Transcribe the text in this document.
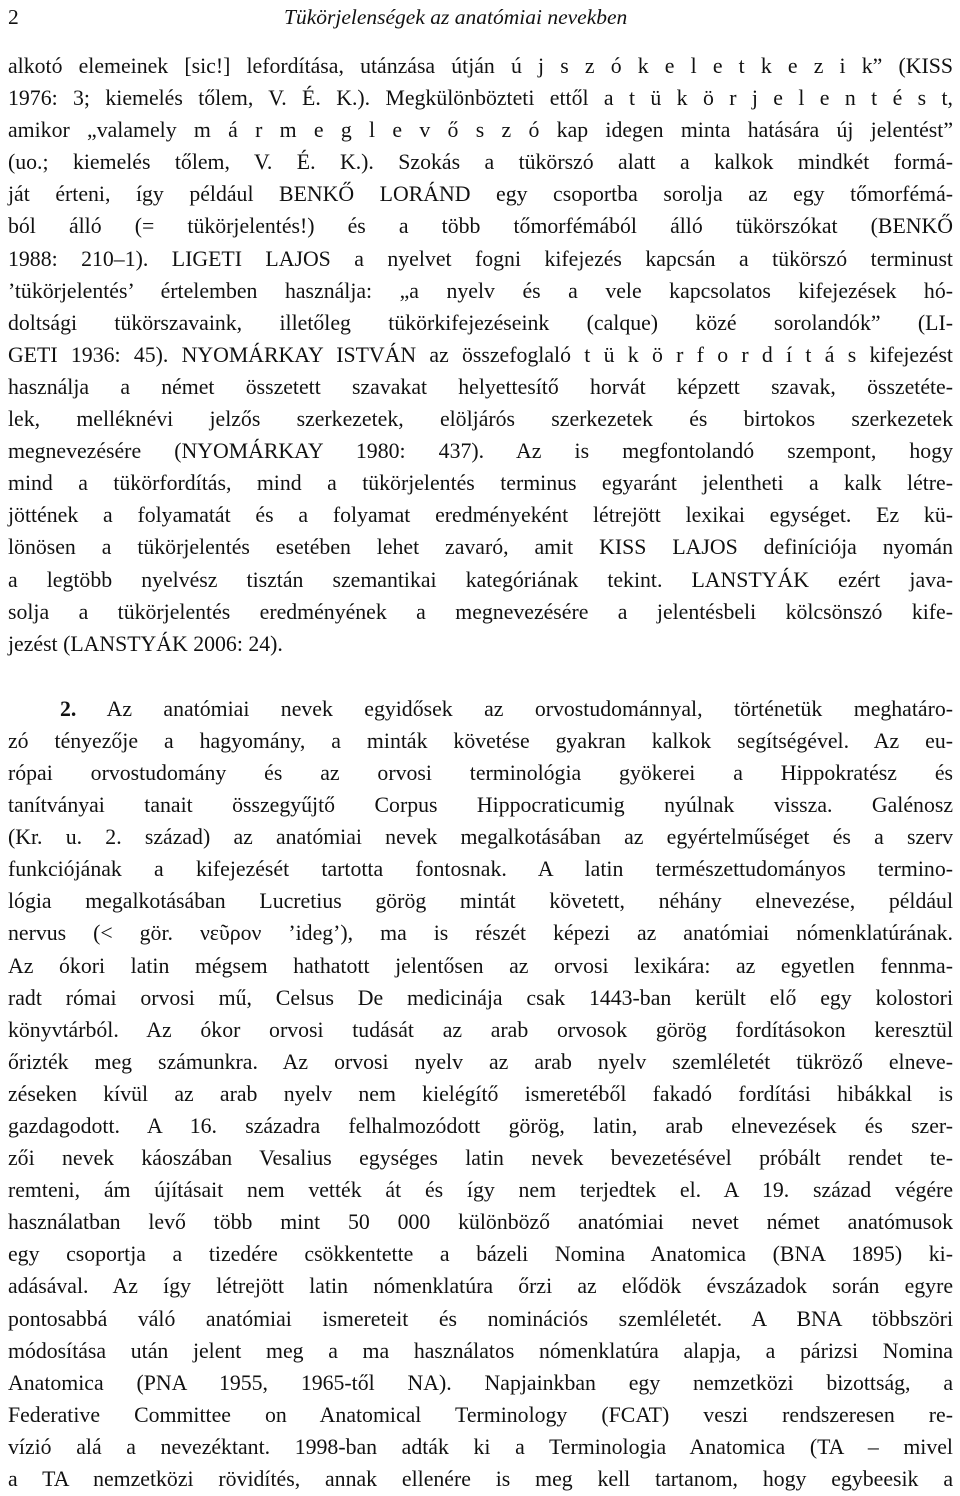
2	Tükörjelenségek az anatómiai nevekben
alkotó elemeinek [sic!] lefordítása, utánzása útján ú j s z ó k e l e t k e z i k” (KISS
1976: 3; kiemelés tőlem, V. É. K.). Megkülönbözteti ettől a t ü k ö r j e l e n t é s t,
amikor „valamely m á r m e g l e v ő s z ó kap idegen minta hatására új jelentést”
(uo.; kiemelés tőlem, V. É. K.). Szokás a tükörszó alatt a kalkok mindkét formá-
ját érteni, így például BENKŐ LORÁND egy csoportba sorolja az egy tőmorfémá-
ból álló (= tükörjelentés!) és a több tőmorfémából álló tükörszókat (BENKŐ
1988: 210–1). LIGETI LAJOS a nyelvet fogni kifejezés kapcsán a tükörszó terminust
’tükörjelentés’ értelemben használja: „a nyelv és a vele kapcsolatos kifejezések hó-
doltsági tükörszavaink, illetőleg tükörkifejezéseink (calque) közé sorolandók” (LI-
GETI 1936: 45). NYOMÁRKAY ISTVÁN az összefoglaló t ü k ö r f o r d í t á s kifejezést
használja a német összetett szavakat helyettesítő horvát képzett szavak, összetéte-
lek, melléknévi jelzős szerkezetek, elöljárós szerkezetek és birtokos szerkezetek
megnevezésére (NYOMÁRKAY 1980: 437). Az is megfontolandó szempont, hogy
mind a tükörfordítás, mind a tükörjelentés terminus egyaránt jelentheti a kalk létre-
jöttének a folyamatát és a folyamat eredményeként létrejött lexikai egységet. Ez kü-
lönösen a tükörjelentés esetében lehet zavaró, amit KISS LAJOS definíciója nyomán
a legtöbb nyelvész tisztán szemantikai kategóriának tekint. LANSTYÁK ezért java-
solja a tükörjelentés eredményének a megnevezésére a jelentésbeli kölcsönszó kife-
jezést (LANSTYÁK 2006: 24).
2. Az anatómiai nevek egyidősek az orvostudománnyal, történetük meghatáro-
zó tényezője a hagyomány, a minták követése gyakran kalkok segítségével. Az eu-
rópai orvostudomány és az orvosi terminológia gyökerei a Hippokratész és
tanítványai tanait összegyűjtő Corpus Hippocraticumig nyúlnak vissza. Galénosz
(Kr. u. 2. század) az anatómiai nevek megalkotásában az egyértelműséget és a szerv
funkciójának a kifejezését tartotta fontosnak. A latin természettudományos termino-
lógia megalkotásában Lucretius görög mintát követett, néhány elnevezése, például
nervus (< gör. νεῦρον ’ideg’), ma is részét képezi az anatómiai nómenklatúrának.
Az ókori latin mégsem hathatott jelentősen az orvosi lexikára: az egyetlen fennma-
radt római orvosi mű, Celsus De medicinája csak 1443-ban került elő egy kolostori
könyvtárból. Az ókor orvosi tudását az arab orvosok görög fordításokon keresztül
őrizték meg számunkra. Az orvosi nyelv az arab nyelv szemléletét tükröző elneve-
zéseken kívül az arab nyelv nem kielégítő ismeretéből fakadó fordítási hibákkal is
gazdagodott. A 16. századra felhalmozódott görög, latin, arab elnevezések és szer-
zői nevek káoszában Vesalius egységes latin nevek bevezetésével próbált rendet te-
remteni, ám újításait nem vették át és így nem terjedtek el. A 19. század végére
használatban levő több mint 50 000 különböző anatómiai nevet német anatómusok
egy csoportja a tizedére csökkentette a bázeli Nomina Anatomica (BNA 1895) ki-
adásával. Az így létrejött latin nómenklatúra őrzi az elődök évszázadok során egyre
pontosabbá váló anatómiai ismereteit és nominációs szemléletét. A BNA többszöri
módosítása után jelent meg a ma használatos nómenklatúra alapja, a párizsi Nomina
Anatomica (PNA 1955, 1965-től NA). Napjainkban egy nemzetközi bizottság, a
Federative Committee on Anatomical Terminology (FCAT) veszi rendszeresen re-
vízió alá a nevezéktant. 1998-ban adták ki a Terminologia Anatomica (TA – mivel
a TA nemzetközi rövidítés, annak ellenére is meg kell tartanom, hogy egybeesik a
